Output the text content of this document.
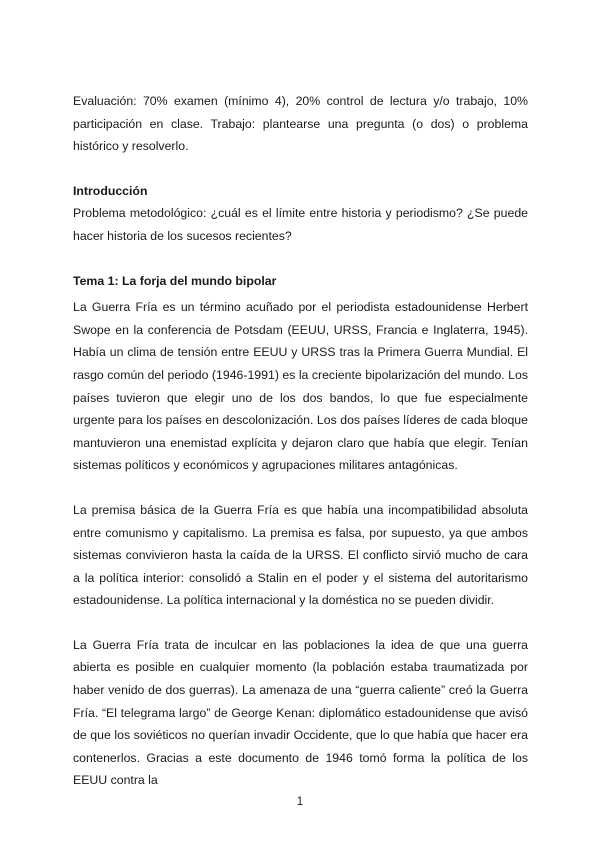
Evaluación: 70% examen (mínimo 4), 20% control de lectura y/o trabajo, 10% participación en clase. Trabajo: plantearse una pregunta (o dos) o problema histórico y resolverlo.

Introducción

Problema metodológico: ¿cuál es el límite entre historia y periodismo? ¿Se puede hacer historia de los sucesos recientes?

Tema 1: La forja del mundo bipolar

La Guerra Fría es un término acuñado por el periodista estadounidense Herbert Swope en la conferencia de Potsdam (EEUU, URSS, Francia e Inglaterra, 1945). Había un clima de tensión entre EEUU y URSS tras la Primera Guerra Mundial. El rasgo común del periodo (1946-1991) es la creciente bipolarización del mundo. Los países tuvieron que elegir uno de los dos bandos, lo que fue especialmente urgente para los países en descolonización. Los dos países líderes de cada bloque mantuvieron una enemistad explícita y dejaron claro que había que elegir. Tenían sistemas políticos y económicos y agrupaciones militares antagónicas.

La premisa básica de la Guerra Fría es que había una incompatibilidad absoluta entre comunismo y capitalismo. La premisa es falsa, por supuesto, ya que ambos sistemas convivieron hasta la caída de la URSS. El conflicto sirvió mucho de cara a la política interior: consolidó a Stalin en el poder y el sistema del autoritarismo estadounidense. La política internacional y la doméstica no se pueden dividir.

La Guerra Fría trata de inculcar en las poblaciones la idea de que una guerra abierta es posible en cualquier momento (la población estaba traumatizada por haber venido de dos guerras). La amenaza de una “guerra caliente” creó la Guerra Fría. “El telegrama largo” de George Kenan: diplomático estadounidense que avisó de que los soviéticos no querían invadir Occidente, que lo que había que hacer era contenerlos. Gracias a este documento de 1946 tomó forma la política de los EEUU contra la

1
